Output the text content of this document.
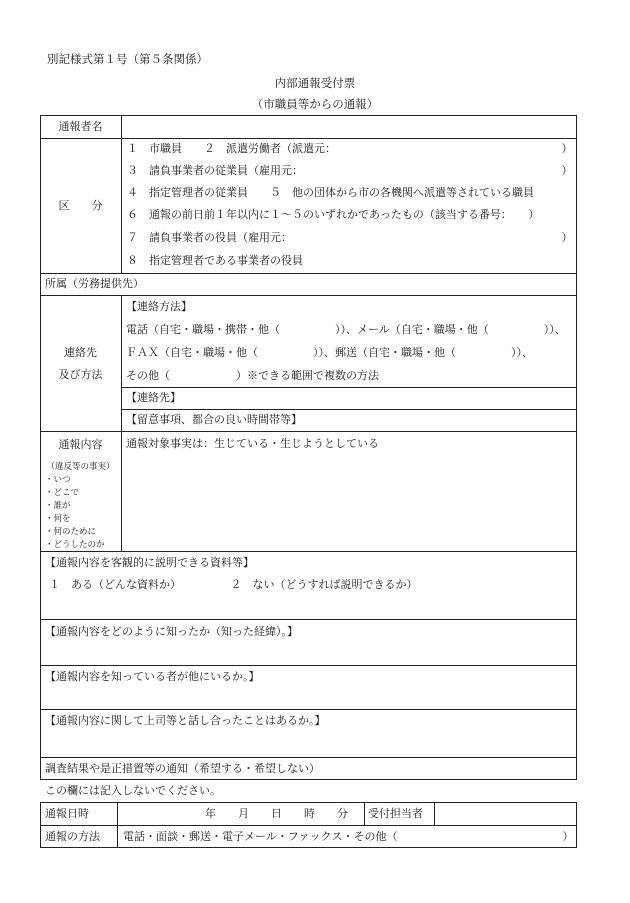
別記様式第１号（第５条関係）
内部通報受付票
（市職員等からの通報）
通報者名
区　　分
１　市職員　　２　派遣労働者（派遣元：　　　　　　　　　　　　　　　　　　　　　）
３　請負事業者の従業員（雇用元：　　　　　　　　　　　　　　　　　　　　　　　　）
４　指定管理者の従業員　　５　他の団体から市の各機関へ派遣等されている職員
６　通報の前日前１年以内に１～５のいずれかであったもの（該当する番号：　　）
７　請負事業者の役員（雇用元：　　　　　　　　　　　　　　　　　　　　　　　　　）
８　指定管理者である事業者の役員
所属（労務提供先）
連絡先
及び方法
【連絡方法】
電話（自宅・職場・携帯・他（　　　　　））、メール（自宅・職場・他（　　　　　））、
ＦＡＸ（自宅・職場・他（　　　　　））、郵送（自宅・職場・他（　　　　　））、
その他（　　　　　　）※できる範囲で複数の方法
【連絡先】
【留意事項、都合の良い時間帯等】
通報内容
（違反等の事実）
・いつ
・どこで
・誰が
・何を
・何のために
・どうしたのか
通報対象事実は：生じている・生じようとしている
【通報内容を客観的に説明できる資料等】
１　ある（どんな資料か）　　　　　２　ない（どうすれば説明できるか）
【通報内容をどのように知ったか（知った経緯）。】
【通報内容を知っている者が他にいるか。】
【通報内容に関して上司等と話し合ったことはあるか。】
調査結果や是正措置等の通知（希望する・希望しない）
この欄には記入しないでください。
通報日時	年　　月　　日　　時　　分 受付担当者
通報の方法 電話・面談・郵送・電子メール・ファックス・その他（　　　　　　　　　　　　　　　）
